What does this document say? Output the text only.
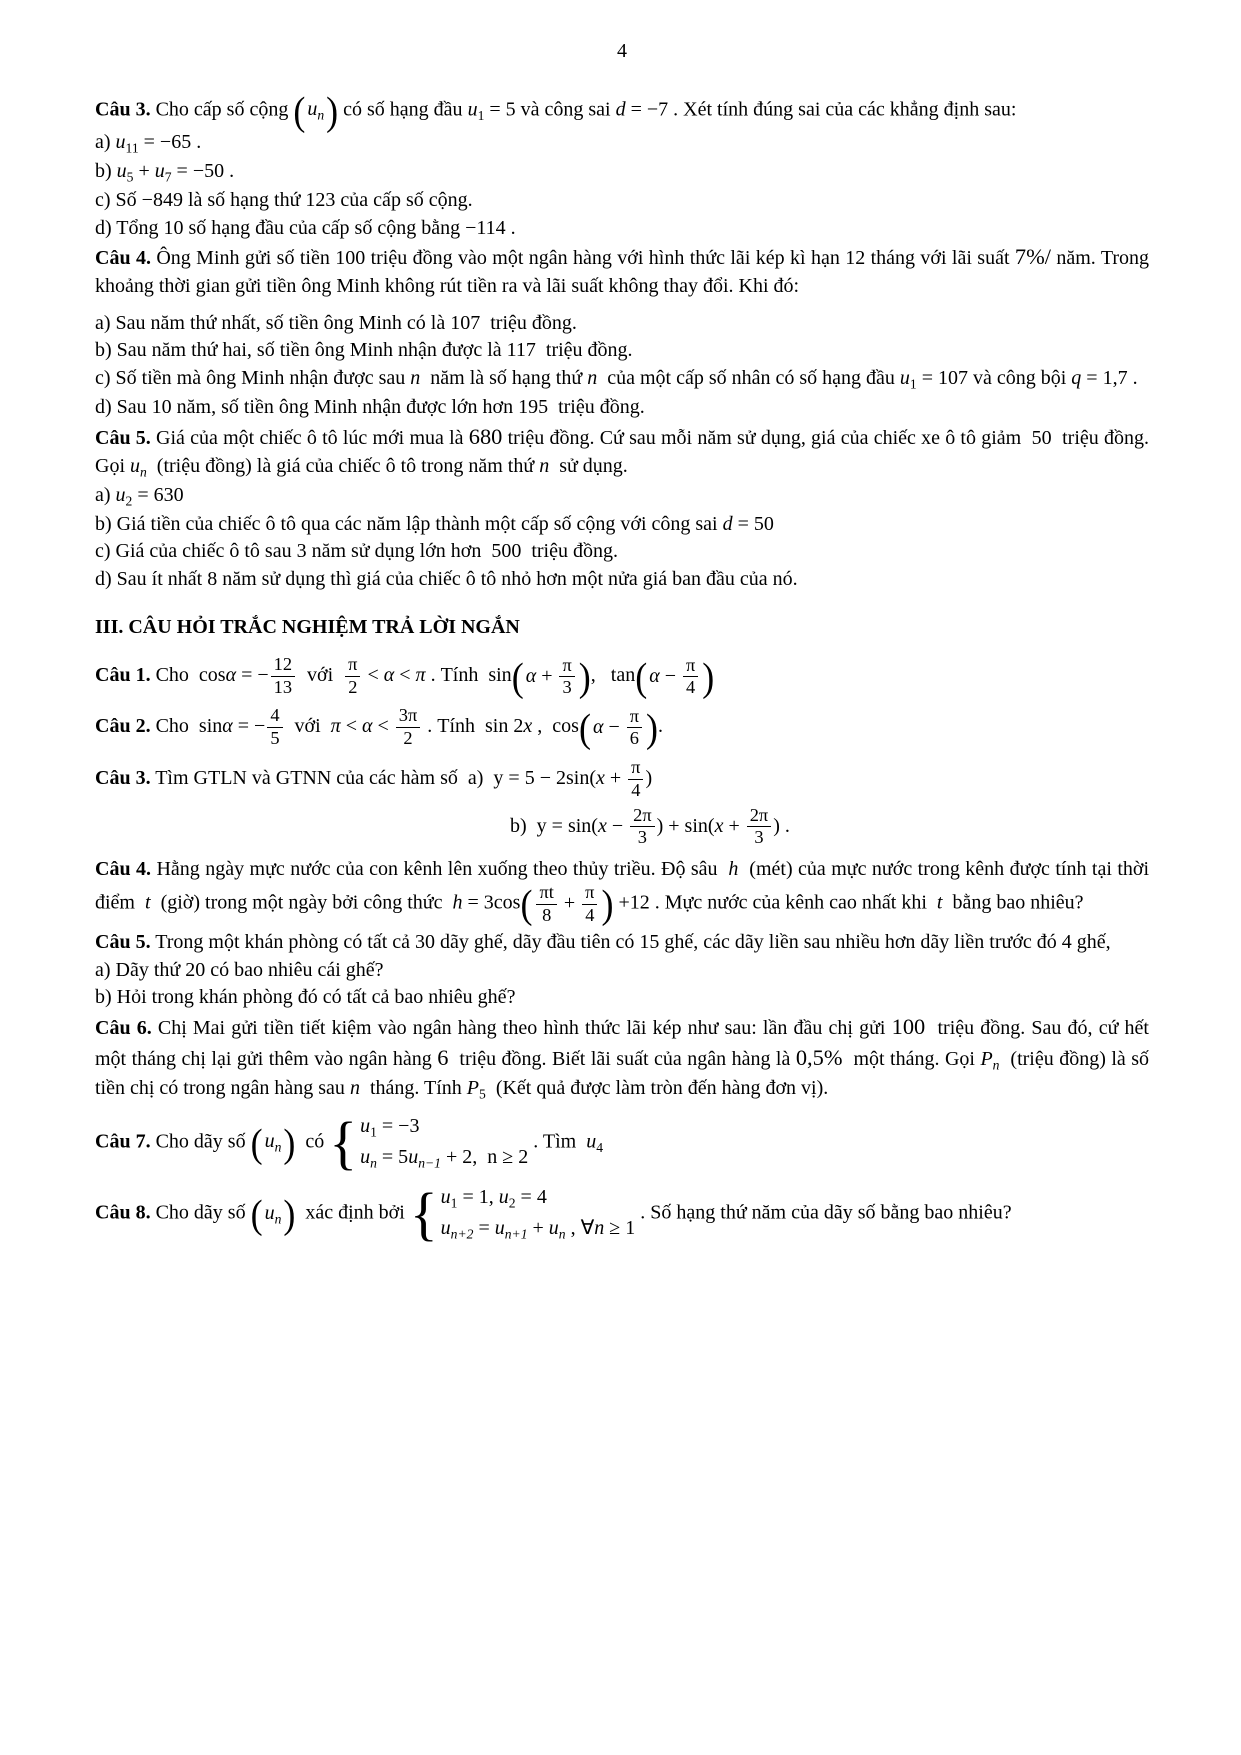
4
Câu 3. Cho cấp số cộng ( $u_n$ ) có số hạng đầu $u_1 = 5$ và công sai d = −7 . Xét tính đúng sai của các khẳng định sau:
a) $u_{11} = -65$ .
b) $u_5 + u_7 = -50$ .
c) Số −849 là số hạng thứ 123 của cấp số cộng.
d) Tổng 10 số hạng đầu của cấp số cộng bằng −114 .
Câu 4. Ông Minh gửi số tiền 100 triệu đồng vào một ngân hàng với hình thức lãi kép kì hạn 12 tháng với lãi suất 7%/ năm. Trong khoảng thời gian gửi tiền ông Minh không rút tiền ra và lãi suất không thay đổi. Khi đó:
a) Sau năm thứ nhất, số tiền ông Minh có là 107  triệu đồng.
b) Sau năm thứ hai, số tiền ông Minh nhận được là 117  triệu đồng.
c) Số tiền mà ông Minh nhận được sau n  năm là số hạng thứ n  của một cấp số nhân có số hạng đầu $u_1 = 107$ và công bội q = 1,7 .
d) Sau 10 năm, số tiền ông Minh nhận được lớn hơn 195  triệu đồng.
Câu 5. Giá của một chiếc ô tô lúc mới mua là 680 triệu đồng. Cứ sau mỗi năm sử dụng, giá của chiếc xe ô tô giảm  50  triệu đồng. Gọi $u_n$  (triệu đồng) là giá của chiếc ô tô trong năm thứ n  sử dụng.
a) $u_2 = 630$
b) Giá tiền của chiếc ô tô qua các năm lập thành một cấp số cộng với công sai d = 50
c) Giá của chiếc ô tô sau 3 năm sử dụng lớn hơn  500  triệu đồng.
d) Sau ít nhất 8 năm sử dụng thì giá của chiếc ô tô nhỏ hơn một nửa giá ban đầu của nó.
III. CÂU HỎI TRẮC NGHIỆM TRẢ LỜI NGẮN
Câu 1. Cho  cosα = − $\frac{12}{13}$ với $\frac{\pi}{2} < \alpha < \pi$ . Tính  sin ( $\alpha + \frac{\pi}{3}$ ) ,   tan ( $\alpha - \frac{\pi}{4}$ )
Câu 2. Cho  sinα = − $\frac{4}{5}$ với  $\pi < \alpha < \frac{3\pi}{2}$ . Tính  sin 2x ,  cos ( $\alpha - \frac{\pi}{6}$ ) .
Câu 3. Tìm GTLN và GTNN của các hàm số  a)  $y = 5 - 2\sin(x + \frac{\pi}{4}$ )
b)  $y = \sin(x - \frac{2\pi}{3}$ ) + $\sin(x + \frac{2\pi}{3}$ ) .
Câu 4. Hằng ngày mực nước của con kênh lên xuống theo thủy triều. Độ sâu  h  (mét) của mực nước trong kênh được tính tại thời điểm  t  (giờ) trong một ngày bởi công thức  h = 3cos ( $\frac{\pi t}{8} + \frac{\pi}{4}$ ) +12 . Mực nước của kênh cao nhất khi  t  bằng bao nhiêu?
Câu 5. Trong một khán phòng có tất cả 30 dãy ghế, dãy đầu tiên có 15 ghế, các dãy liền sau nhiều hơn dãy liền trước đó 4 ghế,
a) Dãy thứ 20 có bao nhiêu cái ghế?
b) Hỏi trong khán phòng đó có tất cả bao nhiêu ghế?
Câu 6. Chị Mai gửi tiền tiết kiệm vào ngân hàng theo hình thức lãi kép như sau: lần đầu chị gửi 100  triệu đồng. Sau đó, cứ hết một tháng chị lại gửi thêm vào ngân hàng 6  triệu đồng. Biết lãi suất của ngân hàng là 0,5%  một tháng. Gọi $P_n$  (triệu đồng) là số tiền chị có trong ngân hàng sau n  tháng. Tính $P_5$  (Kết quả được làm tròn đến hàng đơn vị).
Câu 7. Cho dãy số ( $u_n$ ) có { $u_1 = -3$
$u_n = 5u_{n-1} + 2$,  n ≥ 2
. Tìm  $u_4$
Câu 8. Cho dãy số ( $u_n$ ) xác định bởi { $u_1 = 1$, $u_2 = 4$
$u_{n+2} = u_{n+1} + u_n$ , ∀n ≥ 1
. Số hạng thứ năm của dãy số bằng bao nhiêu?
